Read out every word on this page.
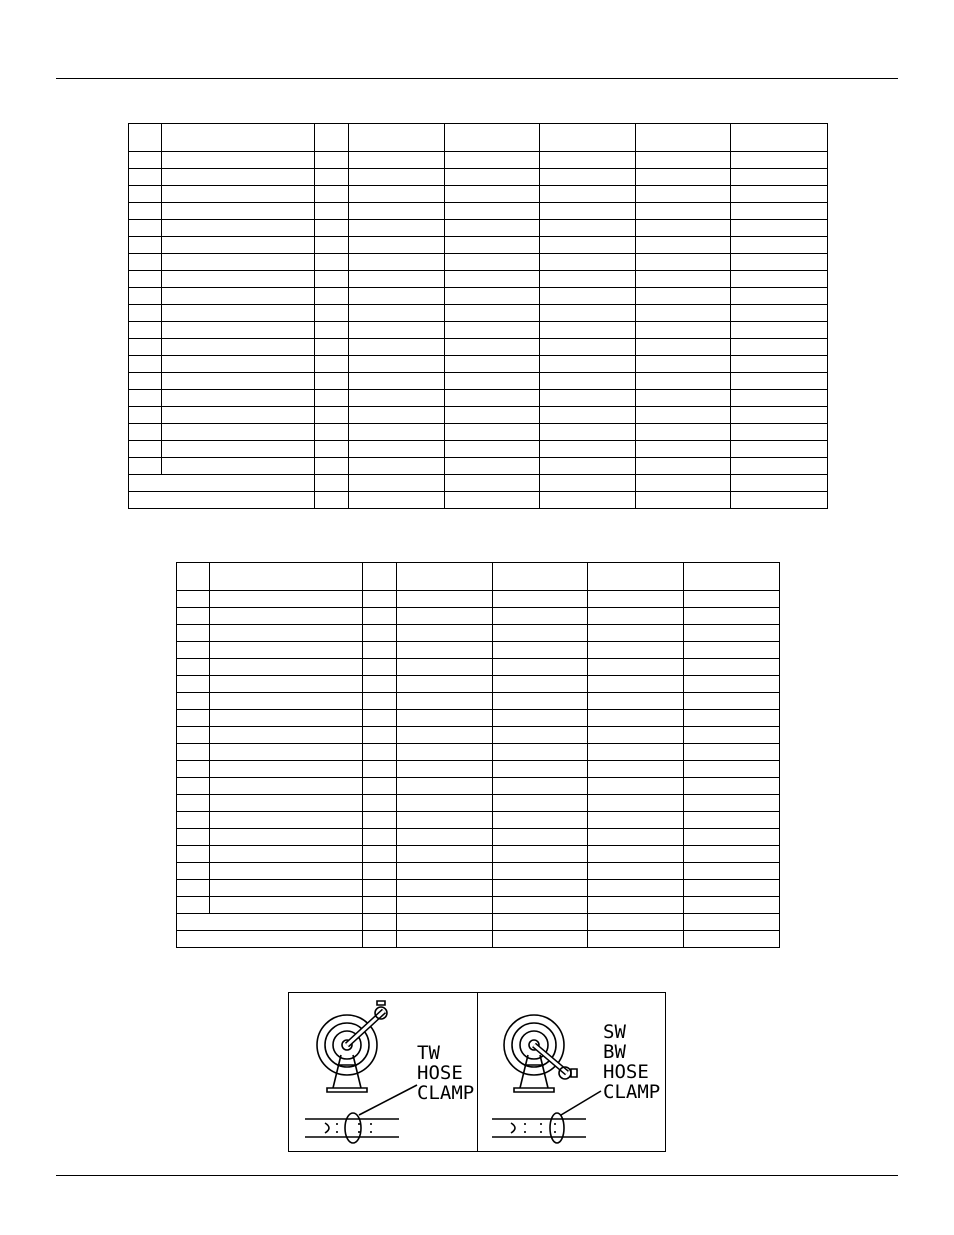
TW
HOSE
CLAMP
SW
BW
HOSE
CLAMP
